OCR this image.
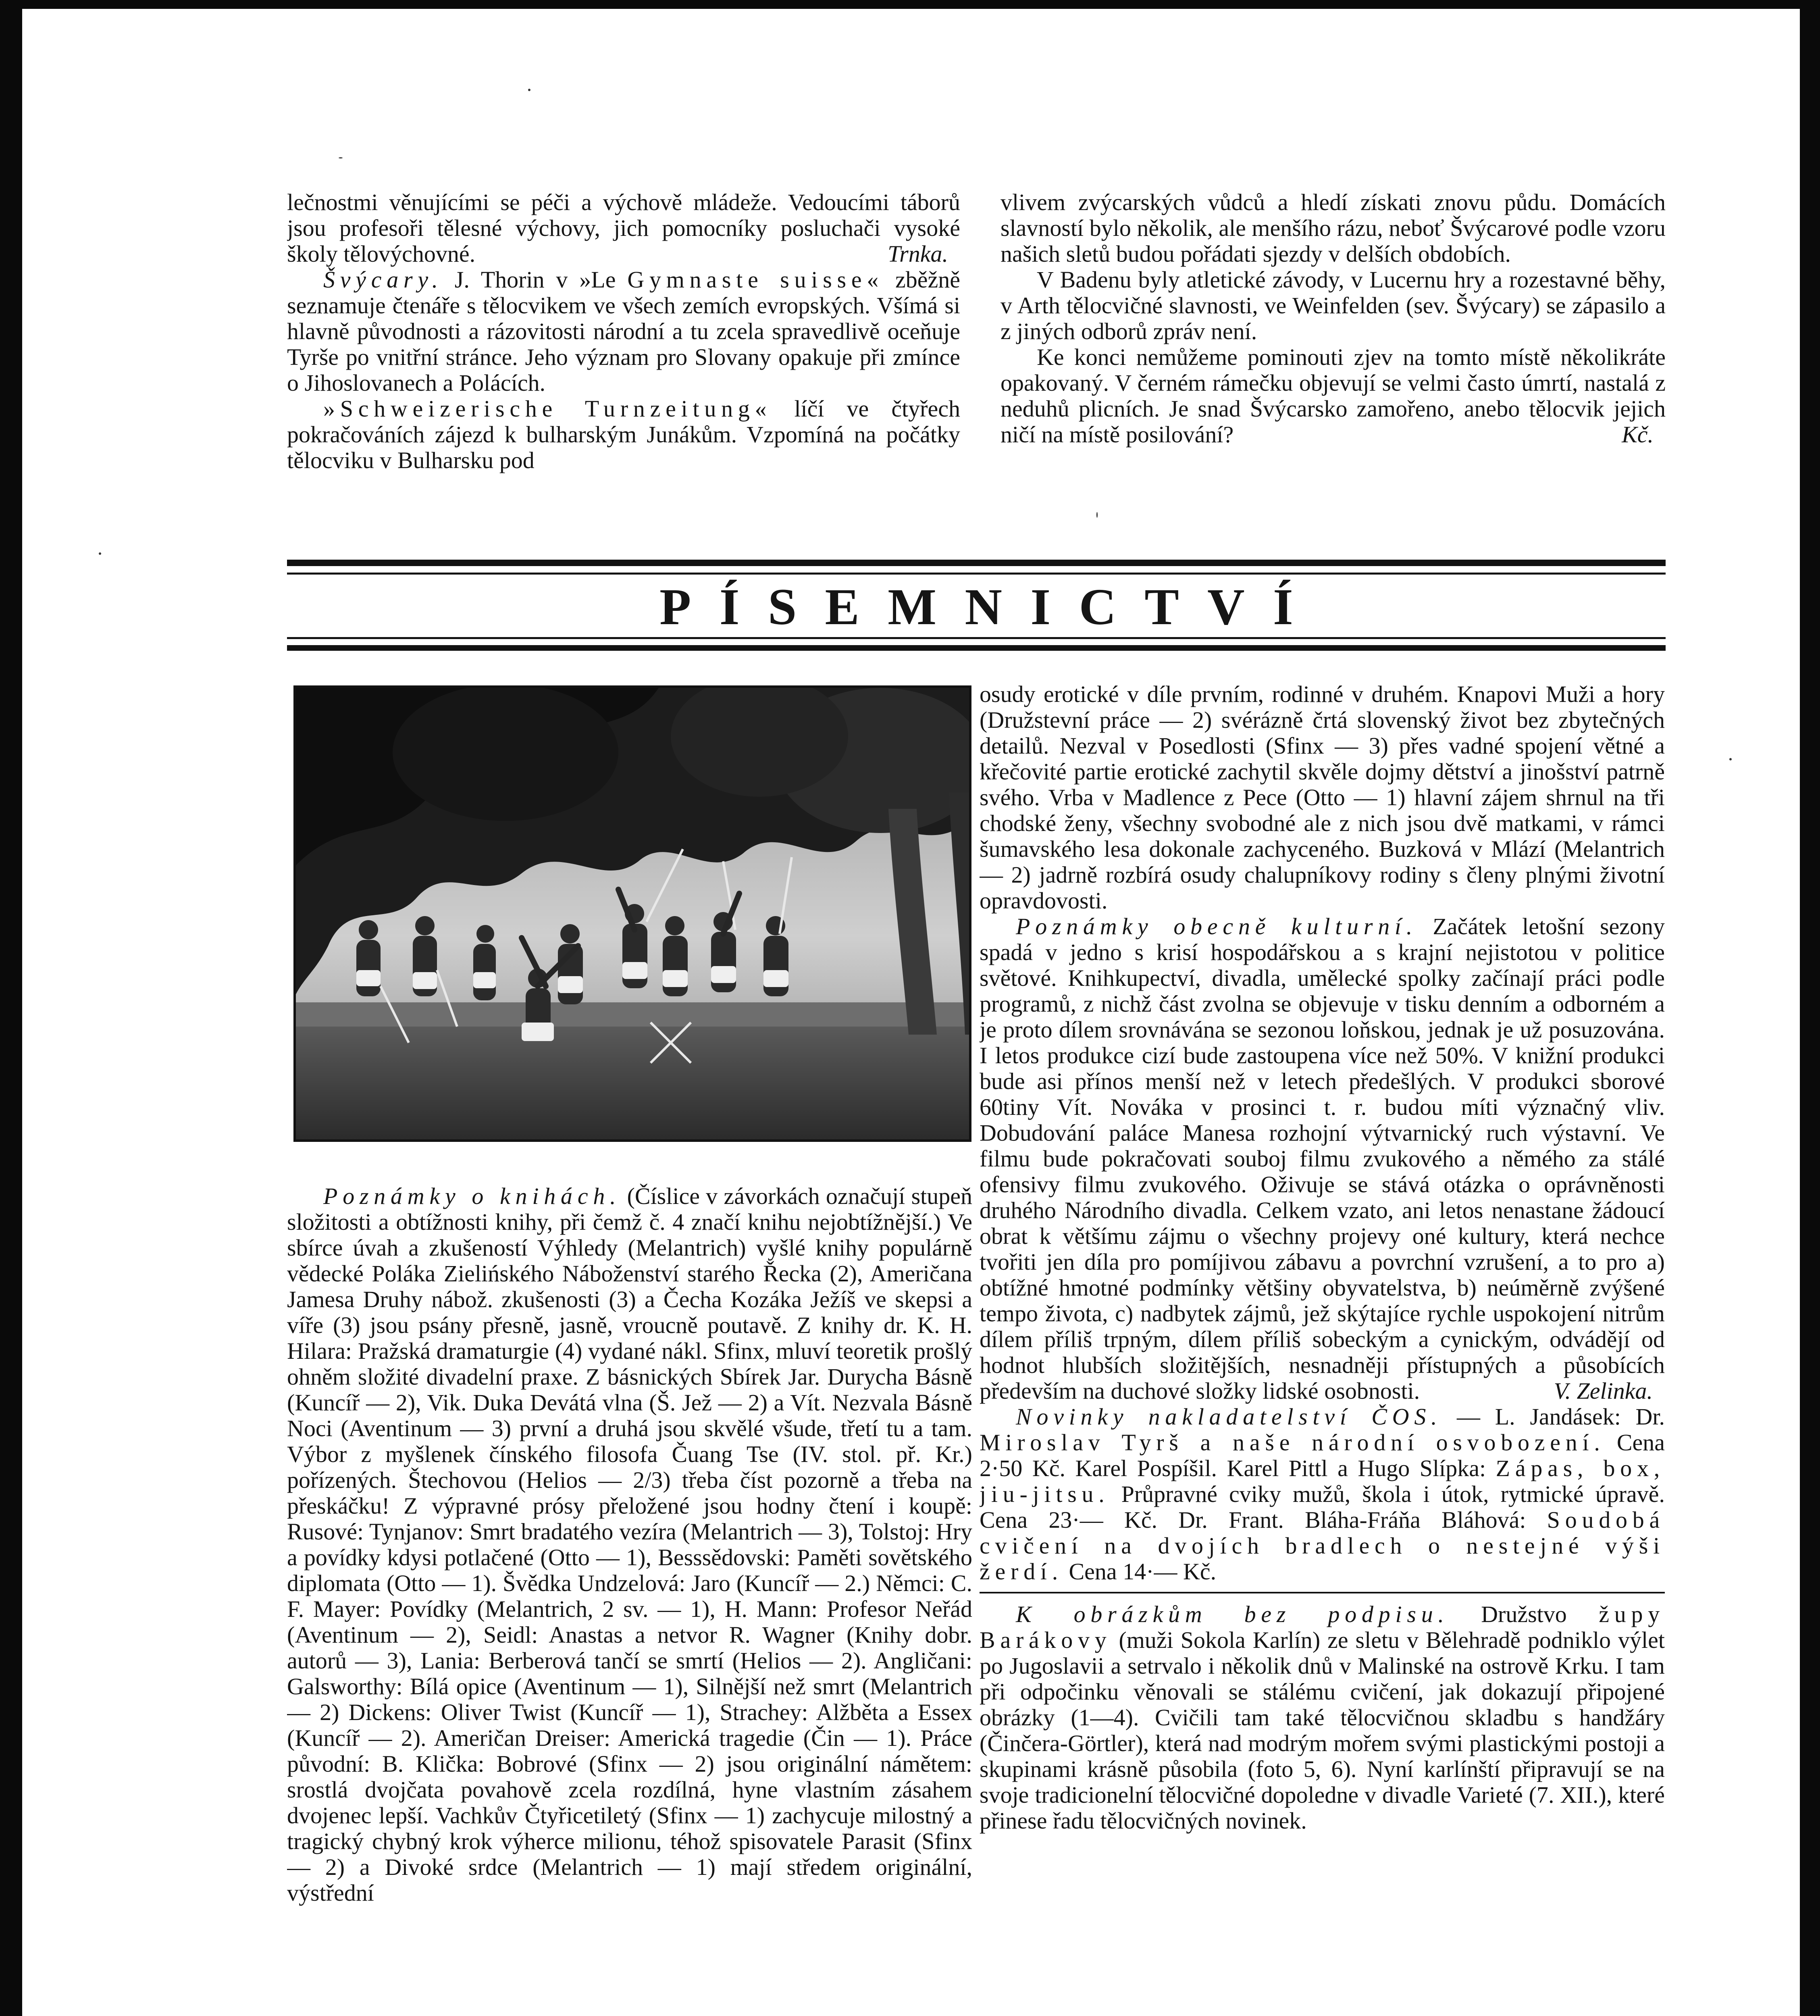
lečnostmi věnujícími se péči a výchově mládeže. Vedoucími táborů jsou profesoři tělesné výchovy, jich pomocníky posluchači vysoké školy tělovýchovné.	Trnka.

Švýcary. J. Thorin v »Le Gymnaste suisse« zběžně seznamuje čtenáře s tělocvikem ve všech zemích evropských. Všímá si hlavně původnosti a rázovitosti národní a tu zcela spravedlivě oceňuje Tyrše po vnitřní stránce. Jeho význam pro Slovany opakuje při zmínce o Jihoslovanech a Polácích.

»Schweizerische Turnzeitung« líčí ve čtyřech pokračováních zájezd k bulharským Junákům. Vzpomíná na počátky tělocviku v Bulharsku pod

vlivem zvýcarských vůdců a hledí získati znovu půdu. Domácích slavností bylo několik, ale menšího rázu, neboť Švýcarové podle vzoru našich sletů budou pořádati sjezdy v delších obdobích.

V Badenu byly atletické závody, v Lucernu hry a rozestavné běhy, v Arth tělocvičné slavnosti, ve Weinfelden (sev. Švýcary) se zápasilo a z jiných odborů zpráv není.

Ke konci nemůžeme pominouti zjev na tomto místě několikráte opakovaný. V černém rámečku objevují se velmi často úmrtí, nastalá z neduhů plicních. Je snad Švýcarsko zamořeno, anebo tělocvik jejich ničí na místě posilování?	Kč.

PÍSEMNICTVÍ

Poznámky o knihách. (Číslice v závorkách označují stupeň složitosti a obtížnosti knihy, při čemž č. 4 značí knihu nejobtížnější.) Ve sbírce úvah a zkušeností Výhledy (Melantrich) vyšlé knihy populárně vědecké Poláka Zielińského Náboženství starého Řecka (2), Američana Jamesa Druhy nábož. zkušenosti (3) a Čecha Kozáka Ježíš ve skepsi a víře (3) jsou psány přesně, jasně, vroucně poutavě. Z knihy dr. K. H. Hilara: Pražská dramaturgie (4) vydané nákl. Sfinx, mluví teoretik prošlý ohněm složité divadelní praxe. Z básnických Sbírek Jar. Durycha Básně (Kuncíř — 2), Vik. Duka Devátá vlna (Š. Jež — 2) a Vít. Nezvala Básně Noci (Aventinum — 3) první a druhá jsou skvělé všude, třetí tu a tam. Výbor z myšlenek čínského filosofa Čuang Tse (IV. stol. př. Kr.) pořízených. Štechovou (Helios — 2/3) třeba číst pozorně a třeba na přeskáčku! Z výpravné prósy přeložené jsou hodny čtení i koupě: Rusové: Tynjanov: Smrt bradatého vezíra (Melantrich — 3), Tolstoj: Hry a povídky kdysi potlačené (Otto — 1), Besssědovski: Paměti sovětského diplomata (Otto — 1). Švědka Undzelová: Jaro (Kuncíř — 2.) Němci: C. F. Mayer: Povídky (Melantrich, 2 sv. — 1), H. Mann: Profesor Neřád (Aventinum — 2), Seidl: Anastas a netvor R. Wagner (Knihy dobr. autorů — 3), Lania: Berberová tančí se smrtí (Helios — 2). Angličani: Galsworthy: Bílá opice (Aventinum — 1), Silnější než smrt (Melantrich — 2) Dickens: Oliver Twist (Kuncíř — 1), Strachey: Alžběta a Essex (Kuncíř — 2). Američan Dreiser: Americká tragedie (Čin — 1). Práce původní: B. Klička: Bobrové (Sfinx — 2) jsou originální námětem: srostlá dvojčata povahově zcela rozdílná, hyne vlastním zásahem dvojenec lepší. Vachkův Čtyřicetiletý (Sfinx — 1) zachycuje milostný a tragický chybný krok výherce milionu, téhož spisovatele Parasit (Sfinx — 2) a Divoké srdce (Melantrich — 1) mají středem originální, výstřední

osudy erotické v díle prvním, rodinné v druhém. Knapovi Muži a hory (Družstevní práce — 2) svérázně črtá slovenský život bez zbytečných detailů. Nezval v Posedlosti (Sfinx — 3) přes vadné spojení větné a křečovité partie erotické zachytil skvěle dojmy dětství a jinošství patrně svého. Vrba v Madlence z Pece (Otto — 1) hlavní zájem shrnul na tři chodské ženy, všechny svobodné ale z nich jsou dvě matkami, v rámci šumavského lesa dokonale zachyceného. Buzková v Mlází (Melantrich — 2) jadrně rozbírá osudy chalupníkovy rodiny s členy plnými životní opravdovosti.

Poznámky obecně kulturní. Začátek letošní sezony spadá v jedno s krisí hospodářskou a s krajní nejistotou v politice světové. Knihkupectví, divadla, umělecké spolky začínají práci podle programů, z nichž část zvolna se objevuje v tisku denním a odborném a je proto dílem srovnávána se sezonou loňskou, jednak je už posuzována. I letos produkce cizí bude zastoupena více než 50%. V knižní produkci bude asi přínos menší než v letech předešlých. V produkci sborové 60tiny Vít. Nováka v prosinci t. r. budou míti význačný vliv. Dobudování paláce Manesa rozhojní výtvarnický ruch výstavní. Ve filmu bude pokračovati souboj filmu zvukového a němého za stálé ofensivy filmu zvukového. Oživuje se stává otázka o oprávněnosti druhého Národního divadla. Celkem vzato, ani letos nenastane žádoucí obrat k většímu zájmu o všechny projevy oné kultury, která nechce tvořiti jen díla pro pomíjivou zábavu a povrchní vzrušení, a to pro a) obtížné hmotné podmínky většiny obyvatelstva, b) neúměrně zvýšené tempo života, c) nadbytek zájmů, jež skýtajíce rychle uspokojení nitrům dílem příliš trpným, dílem příliš sobeckým a cynickým, odvádějí od hodnot hlubších složitějších, nesnadněji přístupných a působících především na duchové složky lidské osobnosti.	V. Zelinka.

Novinky nakladatelství ČOS. — L. Jandásek: Dr. Miroslav Tyrš a naše národní osvobození. Cena 2·50 Kč. Karel Pospíšil. Karel Pittl a Hugo Slípka: Zápas, box, jiu-jitsu. Průpravné cviky mužů, škola i útok, rytmické úpravě. Cena 23·— Kč. Dr. Frant. Bláha-Fráňa Bláhová: Soudobá cvičení na dvojích bradlech o nestejné výši žerdí. Cena 14·— Kč.

K obrázkům bez podpisu. Družstvo župy Barákovy (muži Sokola Karlín) ze sletu v Bělehradě podniklo výlet po Jugoslavii a setrvalo i několik dnů v Malinské na ostrově Krku. I tam při odpočinku věnovali se stálému cvičení, jak dokazují připojené obrázky (1—4). Cvičili tam také tělocvičnou skladbu s handžáry (Činčera-Görtler), která nad modrým mořem svými plastickými postoji a skupinami krásně působila (foto 5, 6). Nyní karlínští připravují se na svoje tradicionelní tělocvičné dopoledne v divadle Varieté (7. XII.), které přinese řadu tělocvičných novinek.
